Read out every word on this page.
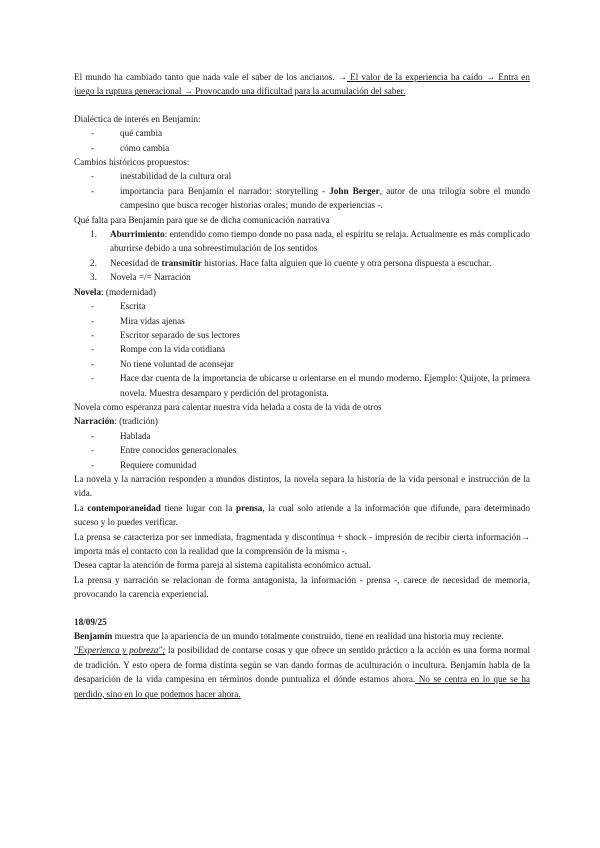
El mundo ha cambiado tanto que nada vale el saber de los ancianos. → El valor de la experiencia ha caído → Entra en juego la ruptura generacional → Provocando una dificultad para la acumulación del saber.

Dialéctica de interés en Benjamín:

- qué cambia
- cómo cambia

Cambios históricos propuestos:

- inestabilidad de la cultura oral
- importancia para Benjamín el narrador: storytelling - John Berger, autor de una trilogía sobre el mundo campesino que busca recoger historias orales; mundo de experiencias -.

Qué falta para Benjamín para que se de dicha comunicación narrativa

1. Aburrimiento: entendido como tiempo donde no pasa nada, el espíritu se relaja. Actualmente es más complicado aburrirse debido a una sobreestimulación de los sentidos
2. Necesidad de transmitir historias. Hace falta alguien que lo cuente y otra persona dispuesta a escuchar.
3. Novela =/= Narración

Novela: (modernidad)

- Escrita
- Mira vidas ajenas
- Escritor separado de sus lectores
- Rompe con la vida cotidiana
- No tiene voluntad de aconsejar
- Hace dar cuenta de la importancia de ubicarse u orientarse en el mundo moderno. Ejemplo: Quijote, la primera novela. Muestra desamparo y perdición del protagonista.

Novela como esperanza para calentar nuestra vida helada a costa de la vida de otros

Narración: (tradición)

- Hablada
- Entre conocidos generacionales
- Requiere comunidad

La novela y la narración responden a mundos distintos, la novela separa la historia de la vida personal e instrucción de la vida.

La contemporaneidad tiene lugar con la prensa, la cual solo atiende a la información que difunde, para determinado suceso y lo puedes verificar.

La prensa se caracteriza por ser inmediata, fragmentada y discontinua + shock - impresión de recibir cierta información→ importa más el contacto con la realidad que la comprensión de la misma -.

Desea captar la atención de forma pareja al sistema capitalista económico actual.

La prensa y narración se relacionan de forma antagonista, la información - prensa -, carece de necesidad de memoria, provocando la carencia experiencial.

18/09/25

Benjamín muestra que la apariencia de un mundo totalmente construido, tiene en realidad una historia muy reciente.

"Experienca y pobreza"; la posibilidad de contarse cosas y que ofrece un sentido práctico a la acción es una forma normal de tradición. Y esto opera de forma distinta según se van dando formas de aculturación o incultura. Benjamín habla de la desaparición de la vida campesina en términos donde puntualiza el dónde estamos ahora. No se centra en lo que se ha perdido, sino en lo que podemos hacer ahora.
